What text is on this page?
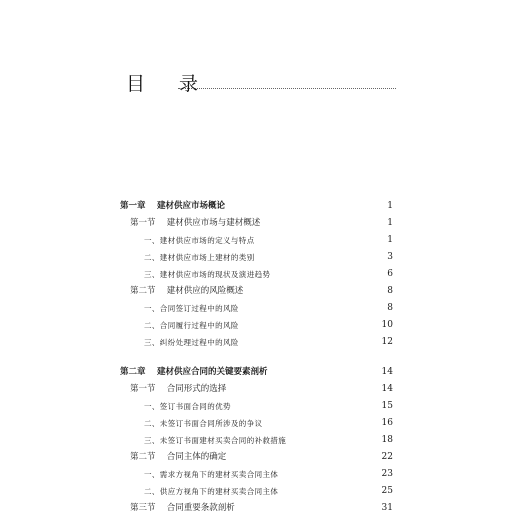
目 录
第一章 　建材供应市场概论	1
第一节 　建材供应市场与建材概述	1
一、建材供应市场的定义与特点	1
二、建材供应市场上建材的类别	3
三、建材供应市场的现状及演进趋势	6
第二节 　建材供应的风险概述	8
一、合同签订过程中的风险	8
二、合同履行过程中的风险	10
三、纠纷处理过程中的风险	12
第二章 　建材供应合同的关键要素剖析	14
第一节 　合同形式的选择	14
一、签订书面合同的优势	15
二、未签订书面合同所涉及的争议	16
三、未签订书面建材买卖合同的补救措施	18
第二节 　合同主体的确定	22
一、需求方视角下的建材买卖合同主体	23
二、供应方视角下的建材买卖合同主体	25
第三节 　合同重要条款剖析	31
